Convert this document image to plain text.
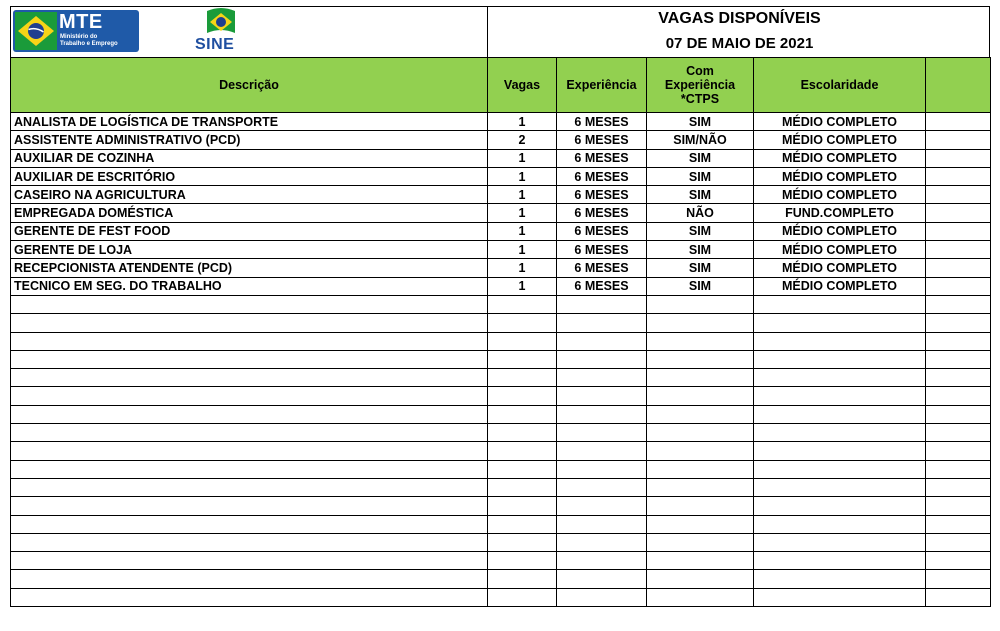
MTE
Ministério do
Trabalho e Emprego	SINE
VAGAS DISPONÍVEIS
07 DE MAIO DE 2021
Descrição	Vagas	Experiência	Com
Experiência
*CTPS	Escolaridade	
ANALISTA DE LOGÍSTICA DE TRANSPORTE	1	6 MESES	SIM	MÉDIO COMPLETO	
ASSISTENTE ADMINISTRATIVO (PCD)	2	6 MESES	SIM/NÃO	MÉDIO COMPLETO	
AUXILIAR DE COZINHA	1	6 MESES	SIM	MÉDIO COMPLETO	
AUXILIAR DE ESCRITÓRIO	1	6 MESES	SIM	MÉDIO COMPLETO	
CASEIRO NA AGRICULTURA	1	6 MESES	SIM	MÉDIO COMPLETO	
EMPREGADA DOMÉSTICA	1	6 MESES	NÃO	FUND.COMPLETO	
GERENTE DE FEST FOOD	1	6 MESES	SIM	MÉDIO COMPLETO	
GERENTE DE LOJA	1	6 MESES	SIM	MÉDIO COMPLETO	
RECEPCIONISTA ATENDENTE (PCD)	1	6 MESES	SIM	MÉDIO COMPLETO	
TECNICO EM SEG. DO TRABALHO	1	6 MESES	SIM	MÉDIO COMPLETO	
